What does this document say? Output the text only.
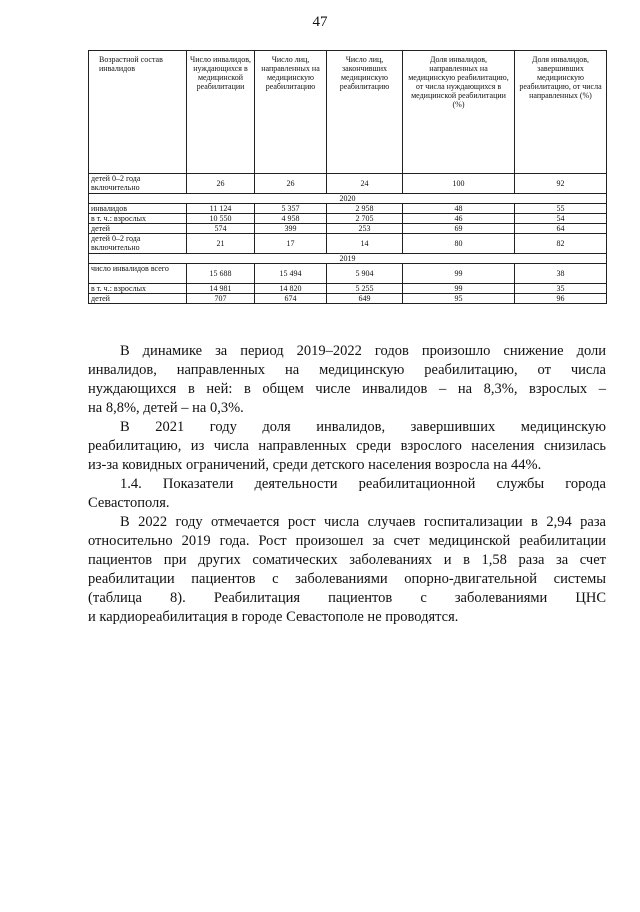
47
Возрастной состав инвалидов	Число инвалидов, нуждающихся в медицинской реабилитации	Число лиц, направленных на медицинскую реабилитацию	Число лиц, закончивших медицинскую реабилитацию	Доля инвалидов, направленных на медицинскую реабилитацию, от числа нуждающихся в медицинской реабилитации (%)	Доля инвалидов, завершивших медицинскую реабилитацию, от числа направленных (%)
детей 0–2 года включительно	26	26	24	100	92
2020					
инвалидов	11 124	5 357	2 958	48	55
в т. ч.: взрослых	10 550	4 958	2 705	46	54
детей	574	399	253	69	64
детей 0–2 года включительно	21	17	14	80	82
2019					
число инвалидов всего	15 688	15 494	5 904	99	38
в т. ч.: взрослых	14 981	14 820	5 255	99	35
детей	707	674	649	95	96
В динамике за период 2019–2022 годов произошло снижение доли
инвалидов, направленных на медицинскую реабилитацию, от числа
нуждающихся в ней: в общем числе инвалидов – на 8,3%, взрослых –
на 8,8%, детей – на 0,3%.
В 2021 году доля инвалидов, завершивших медицинскую
реабилитацию, из числа направленных среди взрослого населения снизилась
из-за ковидных ограничений, среди детского населения возросла на 44%.
1.4. Показатели деятельности реабилитационной службы города
Севастополя.
В 2022 году отмечается рост числа случаев госпитализации в 2,94 раза
относительно 2019 года. Рост произошел за счет медицинской реабилитации
пациентов при других соматических заболеваниях и в 1,58 раза за счет
реабилитации пациентов с заболеваниями опорно-двигательной системы
(таблица 8). Реабилитация пациентов с заболеваниями ЦНС
и кардиореабилитация в городе Севастополе не проводятся.
